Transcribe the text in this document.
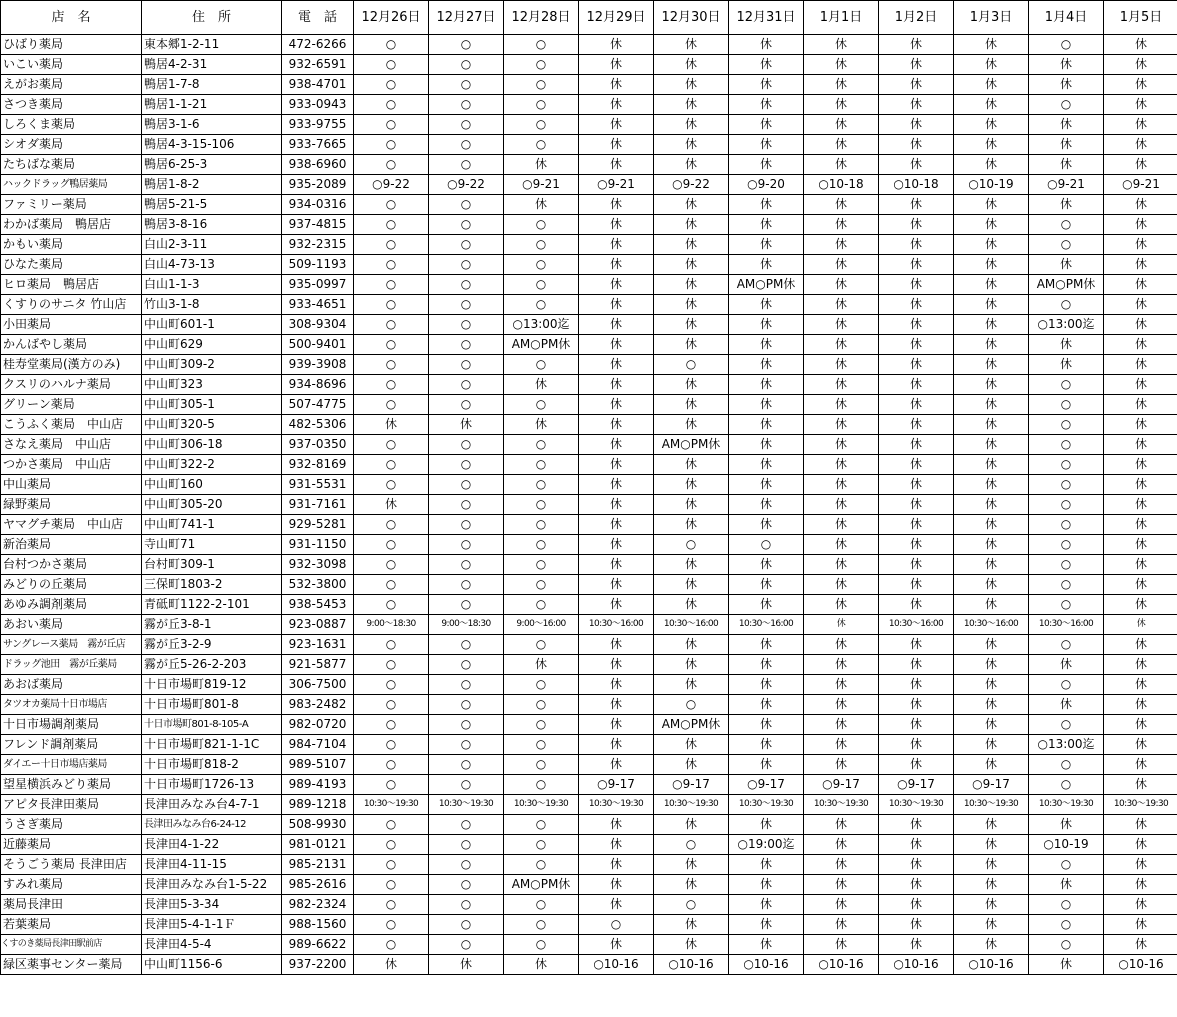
店　名	住　所	電　話	12月26日	12月27日	12月28日	12月29日	12月30日	12月31日	1月1日	1月2日	1月3日	1月4日	1月5日
ひばり薬局	東本郷1-2-11	472-6266	○	○	○	休	休	休	休	休	休	○	休
いこい薬局	鴨居4-2-31	932-6591	○	○	○	休	休	休	休	休	休	休	休
えがお薬局	鴨居1-7-8	938-4701	○	○	○	休	休	休	休	休	休	休	休
さつき薬局	鴨居1-1-21	933-0943	○	○	○	休	休	休	休	休	休	○	休
しろくま薬局	鴨居3-1-6	933-9755	○	○	○	休	休	休	休	休	休	休	休
シオダ薬局	鴨居4-3-15-106	933-7665	○	○	○	休	休	休	休	休	休	休	休
たちばな薬局	鴨居6-25-3	938-6960	○	○	休	休	休	休	休	休	休	休	休
ハックドラッグ鴨居薬局	鴨居1-8-2	935-2089	○9-22	○9-22	○9-21	○9-21	○9-22	○9-20	○10-18	○10-18	○10-19	○9-21	○9-21
ファミリー薬局	鴨居5-21-5	934-0316	○	○	休	休	休	休	休	休	休	休	休
わかば薬局　鴨居店	鴨居3-8-16	937-4815	○	○	○	休	休	休	休	休	休	○	休
かもい薬局	白山2-3-11	932-2315	○	○	○	休	休	休	休	休	休	○	休
ひなた薬局	白山4-73-13	509-1193	○	○	○	休	休	休	休	休	休	休	休
ヒロ薬局　鴨居店	白山1-1-3	935-0997	○	○	○	休	休	AM○PM休	休	休	休	AM○PM休	休
くすりのサニタ 竹山店	竹山3-1-8	933-4651	○	○	○	休	休	休	休	休	休	○	休
小田薬局	中山町601-1	308-9304	○	○	○13:00迄	休	休	休	休	休	休	○13:00迄	休
かんばやし薬局	中山町629	500-9401	○	○	AM○PM休	休	休	休	休	休	休	休	休
桂寿堂薬局(漢方のみ)	中山町309-2	939-3908	○	○	○	休	○	休	休	休	休	休	休
クスリのハルナ薬局	中山町323	934-8696	○	○	休	休	休	休	休	休	休	○	休
グリーン薬局	中山町305-1	507-4775	○	○	○	休	休	休	休	休	休	○	休
こうふく薬局　中山店	中山町320-5	482-5306	休	休	休	休	休	休	休	休	休	○	休
さなえ薬局　中山店	中山町306-18	937-0350	○	○	○	休	AM○PM休	休	休	休	休	○	休
つかさ薬局　中山店	中山町322-2	932-8169	○	○	○	休	休	休	休	休	休	○	休
中山薬局	中山町160	931-5531	○	○	○	休	休	休	休	休	休	○	休
緑野薬局	中山町305-20	931-7161	休	○	○	休	休	休	休	休	休	○	休
ヤマグチ薬局　中山店	中山町741-1	929-5281	○	○	○	休	休	休	休	休	休	○	休
新治薬局	寺山町71	931-1150	○	○	○	休	○	○	休	休	休	○	休
台村つかさ薬局	台村町309-1	932-3098	○	○	○	休	休	休	休	休	休	○	休
みどりの丘薬局	三保町1803-2	532-3800	○	○	○	休	休	休	休	休	休	○	休
あゆみ調剤薬局	青砥町1122-2-101	938-5453	○	○	○	休	休	休	休	休	休	○	休
あおい薬局	霧が丘3-8-1	923-0887	9:00～18:30	9:00～18:30	9:00～16:00	10:30～16:00	10:30～16:00	10:30～16:00	休	10:30～16:00	10:30～16:00	10:30～16:00	休
サングレース薬局　霧が丘店	霧が丘3-2-9	923-1631	○	○	○	休	休	休	休	休	休	○	休
ドラッグ池田　霧が丘薬局	霧が丘5-26-2-203	921-5877	○	○	休	休	休	休	休	休	休	休	休
あおば薬局	十日市場町819-12	306-7500	○	○	○	休	休	休	休	休	休	○	休
タツオカ薬局十日市場店	十日市場町801-8	983-2482	○	○	○	休	○	休	休	休	休	休	休
十日市場調剤薬局	十日市場町801-8-105-A	982-0720	○	○	○	休	AM○PM休	休	休	休	休	○	休
フレンド調剤薬局	十日市場町821-1-1C	984-7104	○	○	○	休	休	休	休	休	休	○13:00迄	休
ダイエー十日市場店薬局	十日市場町818-2	989-5107	○	○	○	休	休	休	休	休	休	○	休
望星横浜みどり薬局	十日市場町1726-13	989-4193	○	○	○	○9-17	○9-17	○9-17	○9-17	○9-17	○9-17	○	休
アピタ長津田薬局	長津田みなみ台4-7-1	989-1218	10:30～19:30	10:30～19:30	10:30～19:30	10:30～19:30	10:30～19:30	10:30～19:30	10:30～19:30	10:30～19:30	10:30～19:30	10:30～19:30	10:30～19:30
うさぎ薬局	長津田みなみ台6-24-12	508-9930	○	○	○	休	休	休	休	休	休	休	休
近藤薬局	長津田4-1-22	981-0121	○	○	○	休	○	○19:00迄	休	休	休	○10-19	休
そうごう薬局 長津田店	長津田4-11-15	985-2131	○	○	○	休	休	休	休	休	休	○	休
すみれ薬局	長津田みなみ台1-5-22	985-2616	○	○	AM○PM休	休	休	休	休	休	休	休	休
薬局長津田	長津田5-3-34	982-2324	○	○	○	休	○	休	休	休	休	○	休
若葉薬局	長津田5-4-1-1Ｆ	988-1560	○	○	○	○	休	休	休	休	休	○	休
くすのき薬局長津田駅前店	長津田4-5-4	989-6622	○	○	○	休	休	休	休	休	休	○	休
緑区薬事センター薬局	中山町1156-6	937-2200	休	休	休	○10-16	○10-16	○10-16	○10-16	○10-16	○10-16	休	○10-16
